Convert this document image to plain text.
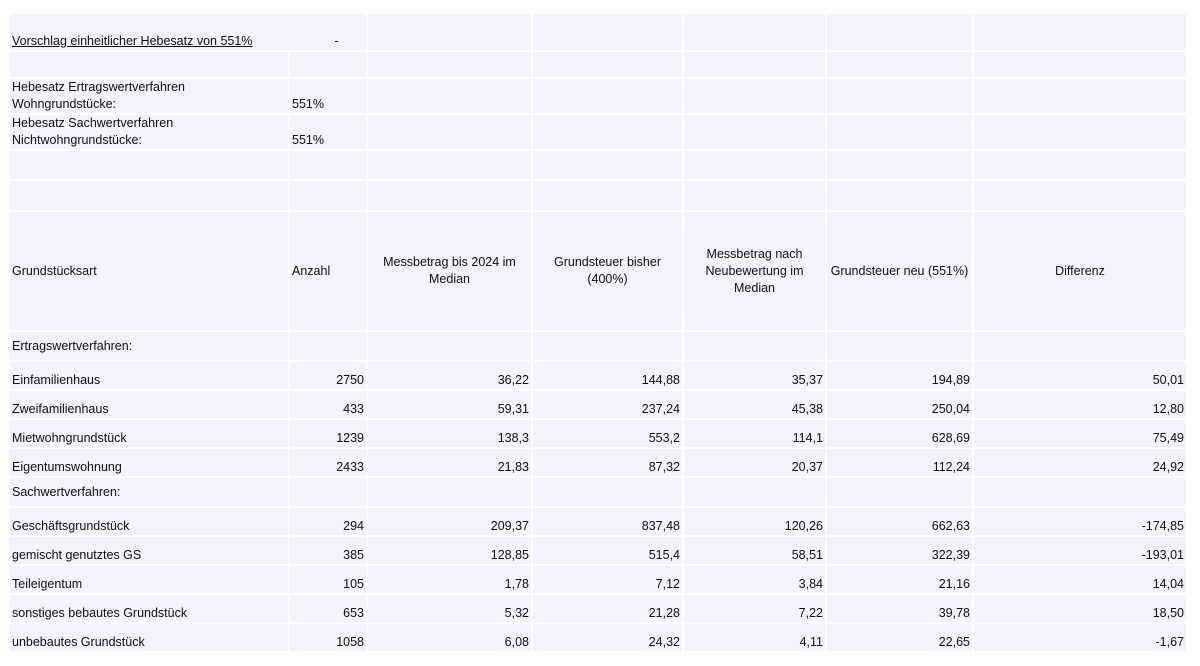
Vorschlag einheitlicher Hebesatz von 551% -						

Hebesatz Ertragswertverfahren Wohngrundstücke:	551%					
Hebesatz Sachwertverfahren Nichtwohngrundstücke:	551%					

Grundstücksart	Anzahl	Messbetrag bis 2024 im Median	Grundsteuer bisher (400%)	Messbetrag nach Neubewertung im Median	Grundsteuer neu (551%)	Differenz
Ertragswertverfahren:						
Einfamilienhaus	2750	36,22	144,88	35,37	194,89	50,01
Zweifamilienhaus	433	59,31	237,24	45,38	250,04	12,80
Mietwohngrundstück	1239	138,3	553,2	114,1	628,69	75,49
Eigentumswohnung	2433	21,83	87,32	20,37	112,24	24,92
Sachwertverfahren:						
Geschäftsgrundstück	294	209,37	837,48	120,26	662,63	-174,85
gemischt genutztes GS	385	128,85	515,4	58,51	322,39	-193,01
Teileigentum	105	1,78	7,12	3,84	21,16	14,04
sonstiges bebautes Grundstück	653	5,32	21,28	7,22	39,78	18,50
unbebautes Grundstück	1058	6,08	24,32	4,11	22,65	-1,67
